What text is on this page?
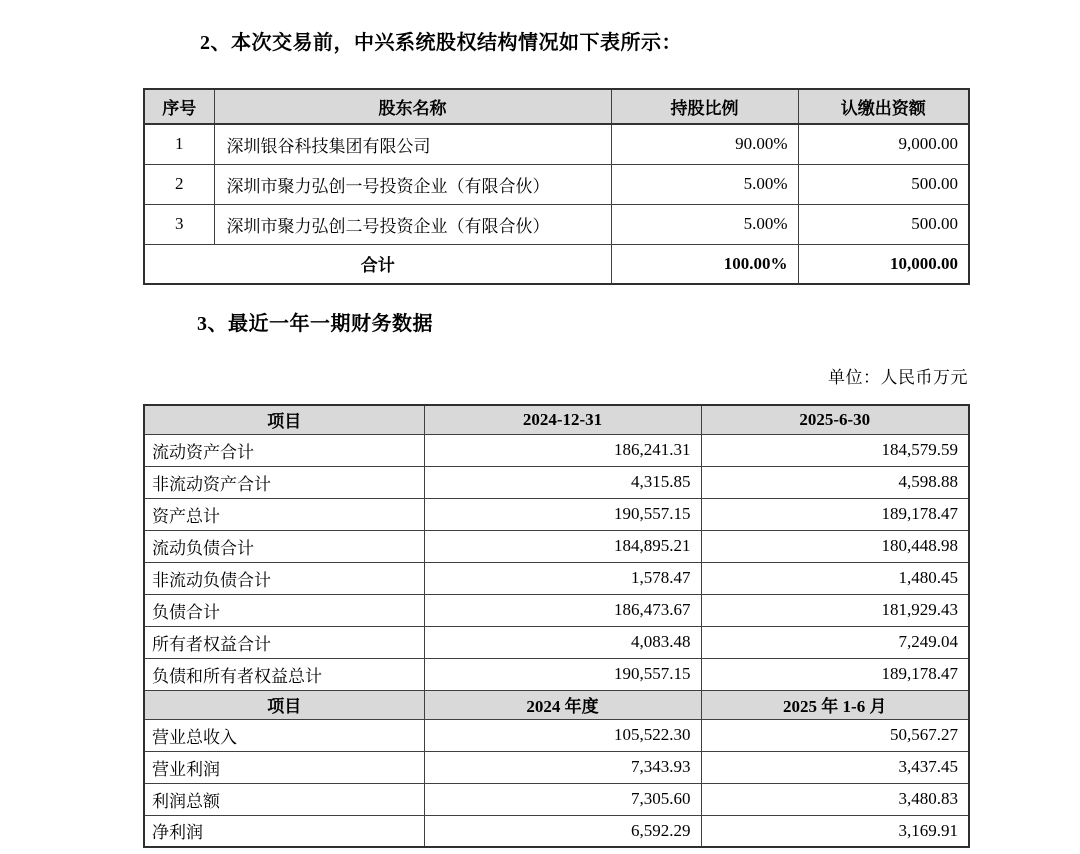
2、本次交易前，中兴系统股权结构情况如下表所示：
序号	股东名称	持股比例	认缴出资额
1	深圳银谷科技集团有限公司	90.00%	9,000.00
2	深圳市聚力弘创一号投资企业（有限合伙）	5.00%	500.00
3	深圳市聚力弘创二号投资企业（有限合伙）	5.00%	500.00
合计		100.00%	10,000.00
3、最近一年一期财务数据
单位：人民币万元
项目	2024-12-31	2025-6-30
流动资产合计	186,241.31	184,579.59
非流动资产合计	4,315.85	4,598.88
资产总计	190,557.15	189,178.47
流动负债合计	184,895.21	180,448.98
非流动负债合计	1,578.47	1,480.45
负债合计	186,473.67	181,929.43
所有者权益合计	4,083.48	7,249.04
负债和所有者权益总计	190,557.15	189,178.47
项目	2024 年度	2025 年 1-6 月
营业总收入	105,522.30	50,567.27
营业利润	7,343.93	3,437.45
利润总额	7,305.60	3,480.83
净利润	6,592.29	3,169.91
